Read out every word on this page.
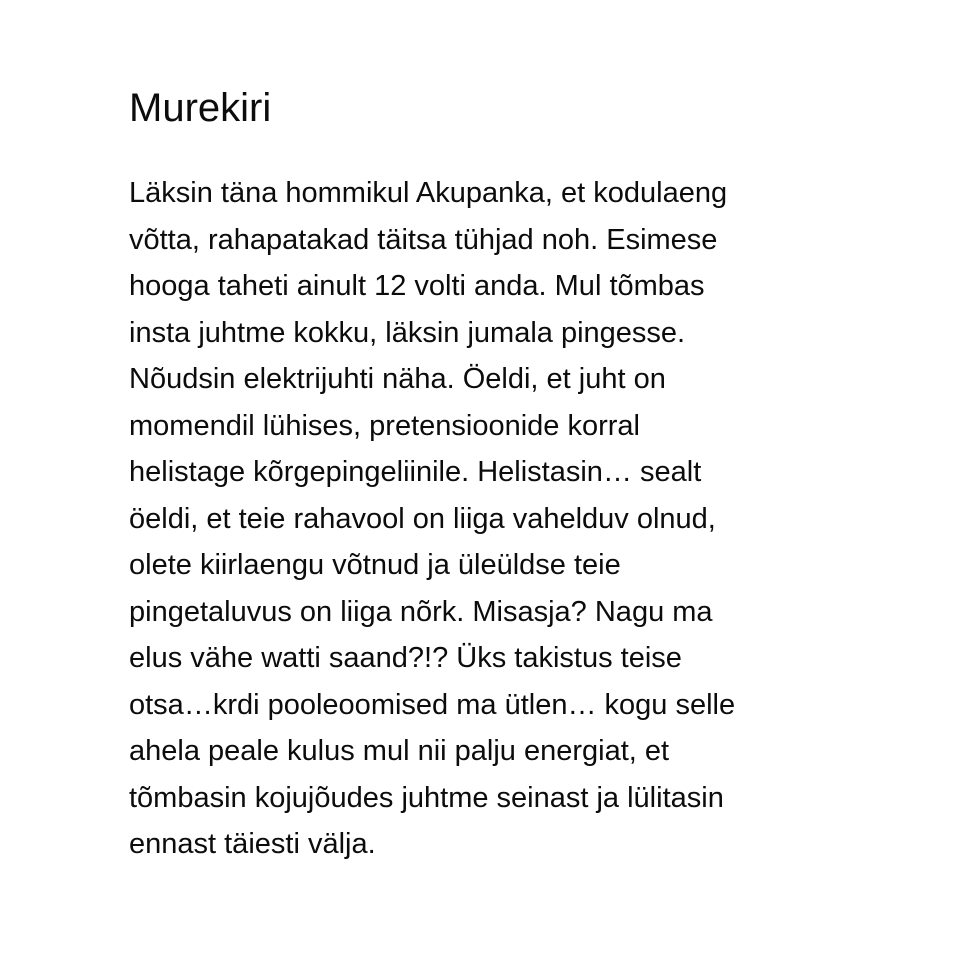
Murekiri
Läksin täna hommikul Akupanka, et kodulaeng
võtta, rahapatakad täitsa tühjad noh. Esimese
hooga taheti ainult 12 volti anda. Mul tõmbas
insta juhtme kokku, läksin jumala pingesse.
Nõudsin elektrijuhti näha. Öeldi, et juht on
momendil lühises, pretensioonide korral
helistage kõrgepingeliinile. Helistasin… sealt
öeldi, et teie rahavool on liiga vahelduv olnud,
olete kiirlaengu võtnud ja üleüldse teie
pingetaluvus on liiga nõrk. Misasja? Nagu ma
elus vähe watti saand?!? Üks takistus teise
otsa…krdi pooleoomised ma ütlen… kogu selle
ahela peale kulus mul nii palju energiat, et
tõmbasin kojujõudes juhtme seinast ja lülitasin
ennast täiesti välja.
